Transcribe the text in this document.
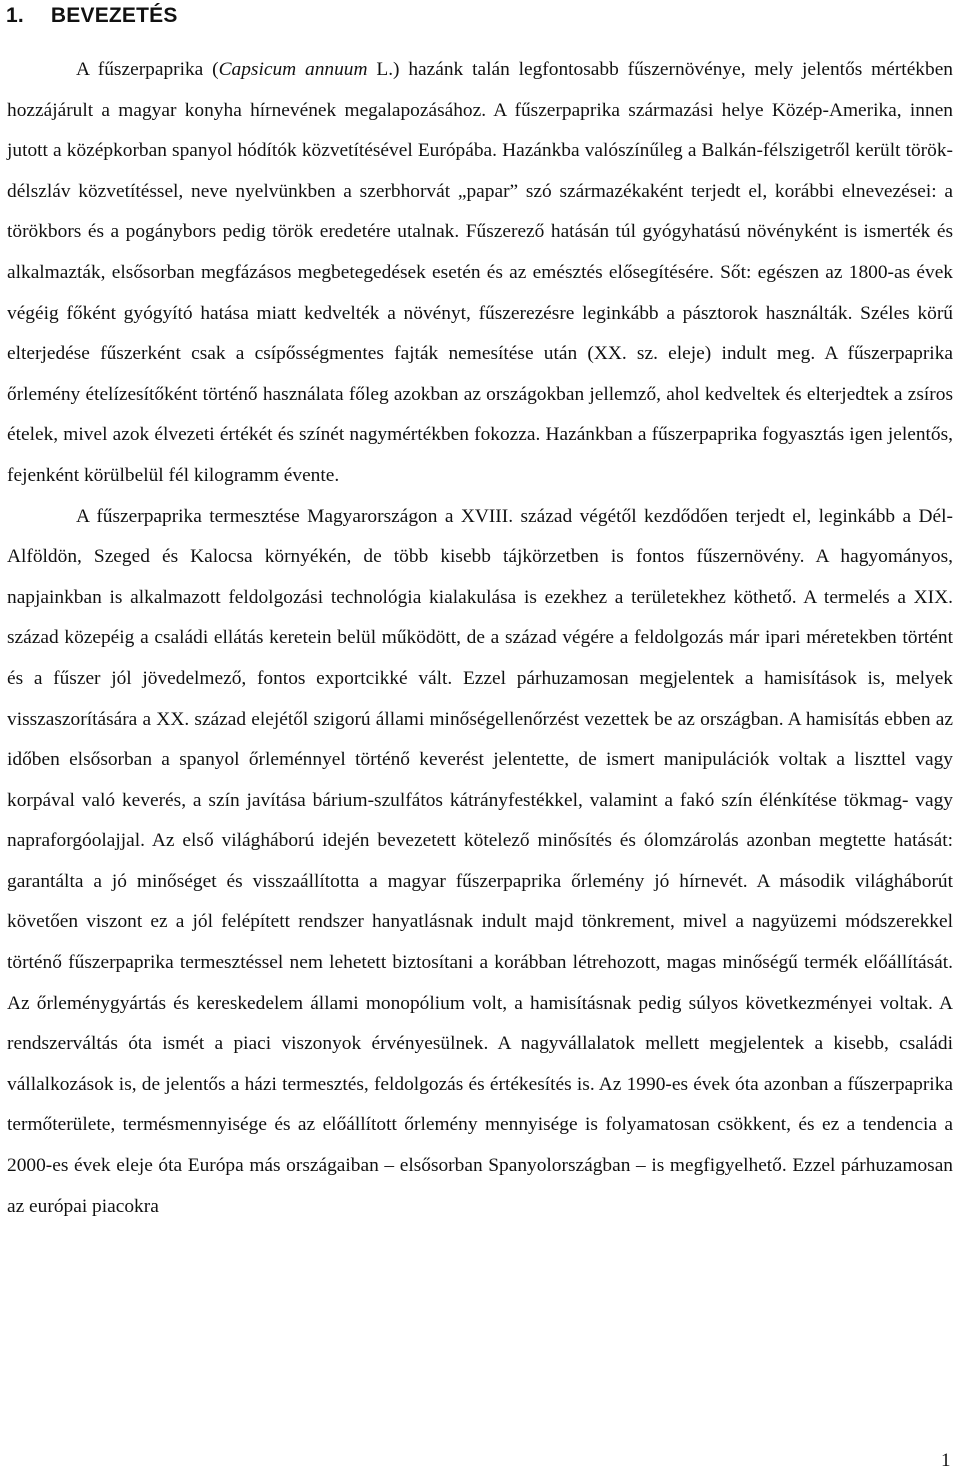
1. BEVEZETÉS

A fűszerpaprika (Capsicum annuum L.) hazánk talán legfontosabb fűszernövénye, mely jelentős mértékben hozzájárult a magyar konyha hírnevének megalapozásához. A fűszerpaprika származási helye Közép-Amerika, innen jutott a középkorban spanyol hódítók közvetítésével Európába. Hazánkba valószínűleg a Balkán-félszigetről került török-délszláv közvetítéssel, neve nyelvünkben a szerbhorvát „papar” szó származékaként terjedt el, korábbi elnevezései: a törökbors és a pogánybors pedig török eredetére utalnak. Fűszerező hatásán túl gyógyhatású növényként is ismerték és alkalmazták, elsősorban megfázásos megbetegedések esetén és az emésztés elősegítésére. Sőt: egészen az 1800-as évek végéig főként gyógyító hatása miatt kedvelték a növényt, fűszerezésre leginkább a pásztorok használták. Széles körű elterjedése fűszerként csak a csípősségmentes fajták nemesítése után (XX. sz. eleje) indult meg. A fűszerpaprika őrlemény ételízesítőként történő használata főleg azokban az országokban jellemző, ahol kedveltek és elterjedtek a zsíros ételek, mivel azok élvezeti értékét és színét nagymértékben fokozza. Hazánkban a fűszerpaprika fogyasztás igen jelentős, fejenként körülbelül fél kilogramm évente.

A fűszerpaprika termesztése Magyarországon a XVIII. század végétől kezdődően terjedt el, leginkább a Dél-Alföldön, Szeged és Kalocsa környékén, de több kisebb tájkörzetben is fontos fűszernövény. A hagyományos, napjainkban is alkalmazott feldolgozási technológia kialakulása is ezekhez a területekhez köthető. A termelés a XIX. század közepéig a családi ellátás keretein belül működött, de a század végére a feldolgozás már ipari méretekben történt és a fűszer jól jövedelmező, fontos exportcikké vált. Ezzel párhuzamosan megjelentek a hamisítások is, melyek visszaszorítására a XX. század elejétől szigorú állami minőségellenőrzést vezettek be az országban. A hamisítás ebben az időben elsősorban a spanyol őrleménnyel történő keverést jelentette, de ismert manipulációk voltak a liszttel vagy korpával való keverés, a szín javítása bárium-szulfátos kátrányfestékkel, valamint a fakó szín élénkítése tökmag- vagy napraforgóolajjal. Az első világháború idején bevezetett kötelező minősítés és ólomzárolás azonban megtette hatását: garantálta a jó minőséget és visszaállította a magyar fűszerpaprika őrlemény jó hírnevét. A második világháborút követően viszont ez a jól felépített rendszer hanyatlásnak indult majd tönkrement, mivel a nagyüzemi módszerekkel történő fűszerpaprika termesztéssel nem lehetett biztosítani a korábban létrehozott, magas minőségű termék előállítását. Az őrleménygyártás és kereskedelem állami monopólium volt, a hamisításnak pedig súlyos következményei voltak. A rendszerváltás óta ismét a piaci viszonyok érvényesülnek. A nagyvállalatok mellett megjelentek a kisebb, családi vállalkozások is, de jelentős a házi termesztés, feldolgozás és értékesítés is. Az 1990-es évek óta azonban a fűszerpaprika termőterülete, termésmennyisége és az előállított őrlemény mennyisége is folyamatosan csökkent, és ez a tendencia a 2000-es évek eleje óta Európa más országaiban – elsősorban Spanyolországban – is megfigyelhető. Ezzel párhuzamosan az európai piacokra

1
